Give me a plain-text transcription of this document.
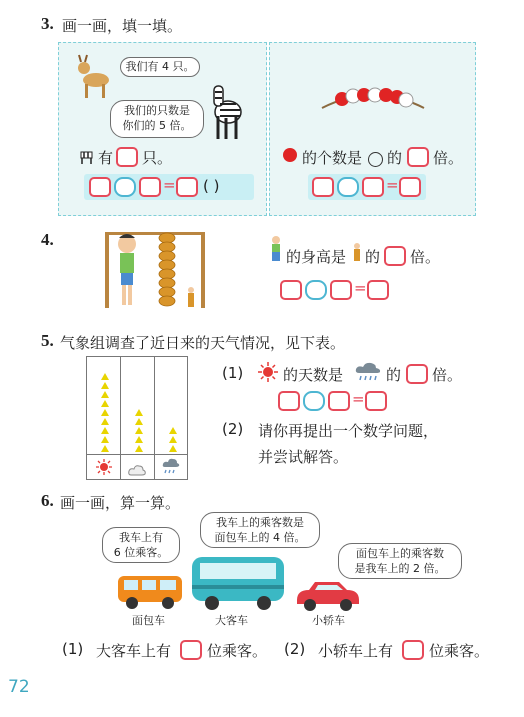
3. 画一画，填一填。
我们有 4 只。
我们的只数是
你们的 5 倍。
有 只。
= ( )
的个数是 的 倍。
=
4.
的身高是 的 倍。
=
5. 气象组调查了近日来的天气情况，见下表。
(1)	的天数是	的 倍。
=
(2) 请你再提出一个数学问题，
并尝试解答。
6. 画一画，算一算。
我车上有
6 位乘客。
我车上的乘客数是
面包车上的 4 倍。
面包车上的乘客数
是我车上的 2 倍。
面包车	大客车	小轿车
(1) 大客车上有 位乘客。 (2) 小轿车上有 位乘客。
72
